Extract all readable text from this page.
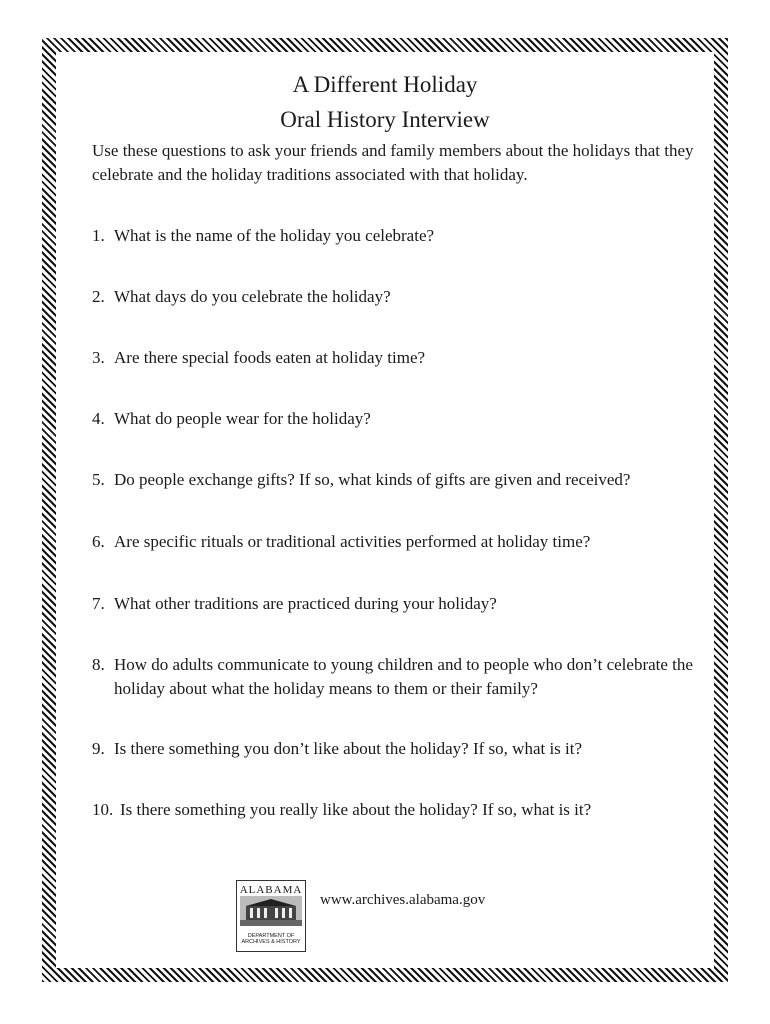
A Different Holiday
Oral History Interview

Use these questions to ask your friends and family members about the holidays that they celebrate and the holiday traditions associated with that holiday.

1. What is the name of the holiday you celebrate?
2. What days do you celebrate the holiday?
3. Are there special foods eaten at holiday time?
4. What do people wear for the holiday?
5. Do people exchange gifts? If so, what kinds of gifts are given and received?
6. Are specific rituals or traditional activities performed at holiday time?
7. What other traditions are practiced during your holiday?
8. How do adults communicate to young children and to people who don’t celebrate the holiday about what the holiday means to them or their family?
9. Is there something you don’t like about the holiday? If so, what is it?
10. Is there something you really like about the holiday? If so, what is it?
ALABAMA
DEPARTMENT OF
ARCHIVES & HISTORY
www.archives.alabama.gov
